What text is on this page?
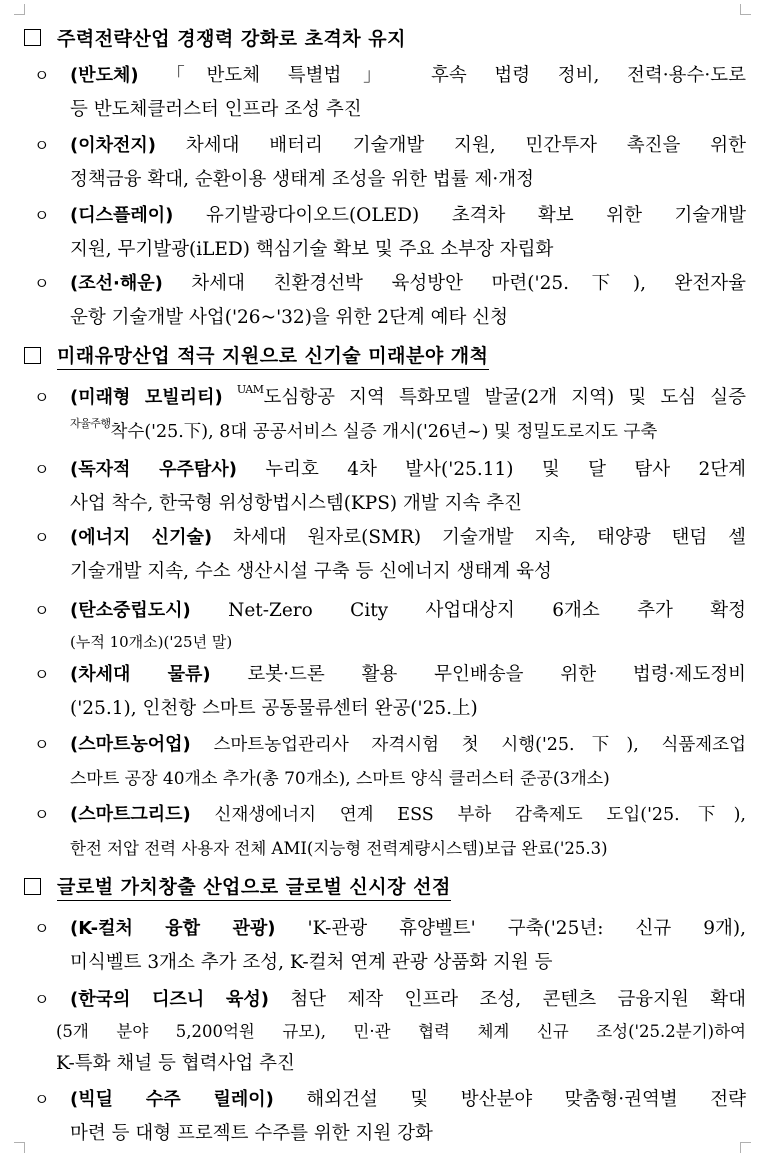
주력전략산업 경쟁력 강화로 초격차 유지
ㅇ (반도체) 「반도체 특별법」 후속 법령 정비, 전력·용수·도로
등 반도체클러스터 인프라 조성 추진
ㅇ (이차전지) 차세대 배터리 기술개발 지원, 민간투자 촉진을 위한
정책금융 확대, 순환이용 생태계 조성을 위한 법률 제·개정
ㅇ (디스플레이) 유기발광다이오드(OLED) 초격차 확보 위한 기술개발
지원, 무기발광(iLED) 핵심기술 확보 및 주요 소부장 자립화
ㅇ (조선·해운) 차세대 친환경선박 육성방안 마련('25.下), 완전자율
운항 기술개발 사업('26~'32)을 위한 2단계 예타 신청
미래유망산업 적극 지원으로 신기술 미래분야 개척
ㅇ (미래형 모빌리티) $^{UAM}$도심항공 지역 특화모델 발굴(2개 지역) 및 도심 실증
$^{자율주행}$착수('25.下), 8대 공공서비스 실증 개시('26년~) 및 정밀도로지도 구축
ㅇ (독자적 우주탐사) 누리호 4차 발사('25.11) 및 달 탐사 2단계
사업 착수, 한국형 위성항법시스템(KPS) 개발 지속 추진
ㅇ (에너지 신기술) 차세대 원자로(SMR) 기술개발 지속, 태양광 탠덤 셀
기술개발 지속, 수소 생산시설 구축 등 신에너지 생태계 육성
ㅇ (탄소중립도시) Net-Zero City 사업대상지 6개소 추가 확정
(누적 10개소)('25년 말)
ㅇ (차세대 물류) 로봇·드론 활용 무인배송을 위한 법령·제도정비
('25.1), 인천항 스마트 공동물류센터 완공('25.上)
ㅇ (스마트농어업) 스마트농업관리사 자격시험 첫 시행('25.下), 식품제조업
스마트 공장 40개소 추가(총 70개소), 스마트 양식 클러스터 준공(3개소)
ㅇ (스마트그리드) 신재생에너지 연계 ESS 부하 감축제도 도입('25.下),
한전 저압 전력 사용자 전체 AMI(지능형 전력계량시스템)보급 완료('25.3)
글로벌 가치창출 산업으로 글로벌 신시장 선점
ㅇ (K-컬처 융합 관광) 'K-관광 휴양벨트' 구축('25년: 신규 9개),
미식벨트 3개소 추가 조성, K-컬처 연계 관광 상품화 지원 등
ㅇ (한국의 디즈니 육성) 첨단 제작 인프라 조성, 콘텐츠 금융지원 확대
(5개 분야 5,200억원 규모), 민·관 협력 체계 신규 조성('25.2분기)하여
K-특화 채널 등 협력사업 추진
ㅇ (빅딜 수주 릴레이) 해외건설 및 방산분야 맞춤형·권역별 전략
마련 등 대형 프로젝트 수주를 위한 지원 강화
